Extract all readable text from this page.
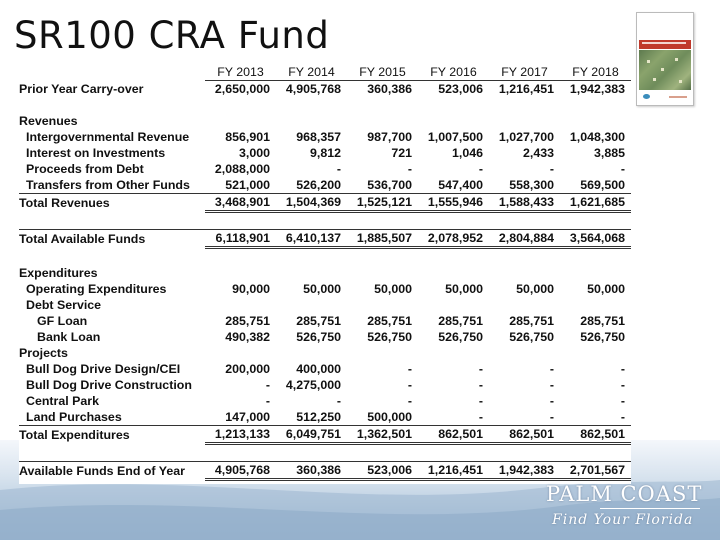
SR100 CRA Fund
	FY 2013	FY 2014	FY 2015	FY 2016	FY 2017	FY 2018
Prior Year Carry-over	2,650,000	4,905,768	360,386	523,006	1,216,451	1,942,383

Revenues						
Intergovernmental Revenue	856,901	968,357	987,700	1,007,500	1,027,700	1,048,300
Interest on Investments	3,000	9,812	721	1,046	2,433	3,885
Proceeds from Debt	2,088,000	-	-	-	-	-
Transfers from Other Funds	521,000	526,200	536,700	547,400	558,300	569,500
Total Revenues	3,468,901	1,504,369	1,525,121	1,555,946	1,588,433	1,621,685

Total Available Funds	6,118,901	6,410,137	1,885,507	2,078,952	2,804,884	3,564,068

Expenditures						
Operating Expenditures	90,000	50,000	50,000	50,000	50,000	50,000
Debt Service						
GF Loan	285,751	285,751	285,751	285,751	285,751	285,751
Bank Loan	490,382	526,750	526,750	526,750	526,750	526,750
Projects						
Bull Dog Drive Design/CEI	200,000	400,000	-	-	-	-
Bull Dog Drive Construction	-	4,275,000	-	-	-	-
Central Park	-	-	-	-	-	-
Land Purchases	147,000	512,250	500,000	-	-	-
Total Expenditures	1,213,133	6,049,751	1,362,501	862,501	862,501	862,501

Available Funds End of Year	4,905,768	360,386	523,006	1,216,451	1,942,383	2,701,567
PALM COAST
Find Your Florida
